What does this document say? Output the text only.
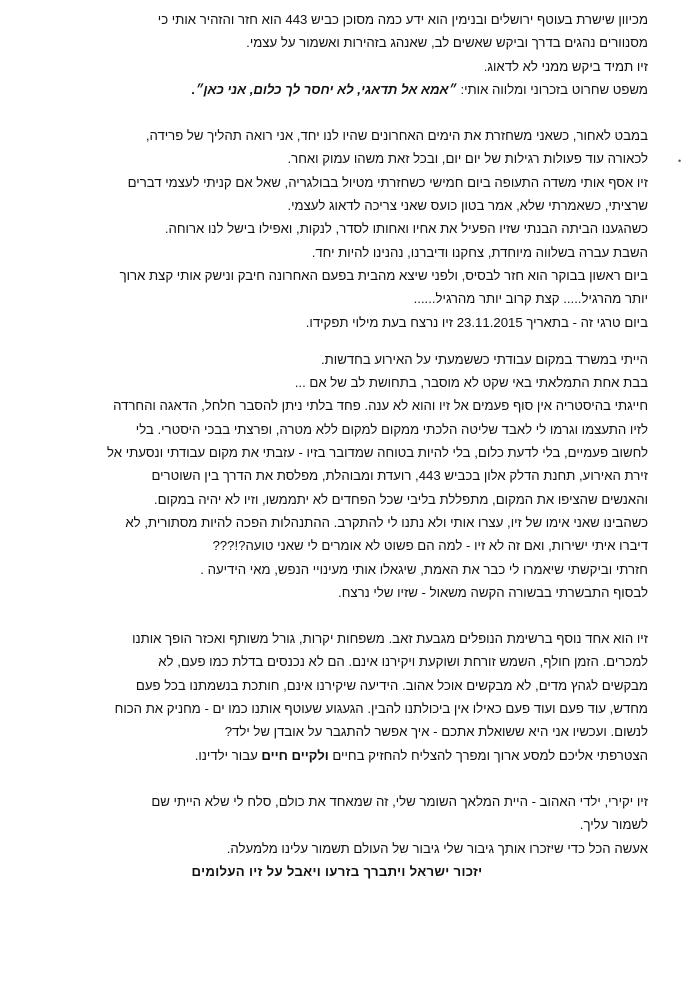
•
מכיוון שישרת בעוטף ירושלים ובנימין הוא ידע כמה מסוכן כביש 443 הוא חזר והזהיר אותי כי
מסנוורים נהגים בדרך וביקש שאשים לב, שאנהג בזהירות ואשמור על עצמי.
זיו תמיד ביקש ממני לא לדאוג.
משפט שחרוט בזכרוני ומלווה אותי: ״אמא אל תדאגי, לא יחסר לך כלום, אני כאן״.
במבט לאחור, כשאני משחזרת את הימים האחרונים שהיו לנו יחד, אני רואה תהליך של פרידה,
לכאורה עוד פעולות רגילות של יום יום, ובכל זאת משהו עמוק ואחר.
זיו אסף אותי משדה התעופה ביום חמישי כשחזרתי מטיול בבולגריה, שאל אם קניתי לעצמי דברים
שרציתי, כשאמרתי שלא, אמר בטון כועס שאני צריכה לדאוג לעצמי.
כשהגענו הביתה הבנתי שזיו הפעיל את אחיו ואחותו לסדר, לנקות, ואפילו בישל לנו ארוחה.
השבת עברה בשלווה מיוחדת, צחקנו ודיברנו, נהנינו להיות יחד.
ביום ראשון בבוקר הוא חזר לבסיס, ולפני שיצא מהבית בפעם האחרונה חיבק ונישק אותי קצת ארוך
יותר מהרגיל..... קצת קרוב יותר מהרגיל......
ביום טרגי זה - בתאריך 23.11.2015 זיו נרצח בעת מילוי תפקידו.
הייתי במשרד במקום עבודתי כששמעתי על האירוע בחדשות.
בבת אחת התמלאתי באי שקט לא מוסבר, בתחושת לב של אם ...
חייגתי בהיסטריה אין סוף פעמים אל זיו והוא לא ענה. פחד בלתי ניתן להסבר חלחל, הדאגה והחרדה
לזיו התעצמו וגרמו לי לאבד שליטה הלכתי ממקום למקום ללא מטרה, ופרצתי בבכי היסטרי. בלי
לחשוב פעמיים, בלי לדעת כלום, בלי להיות בטוחה שמדובר בזיו - עזבתי את מקום עבודתי ונסעתי אל
זירת האירוע, תחנת הדלק אלון בכביש 443, רועדת ומבוהלת, מפלסת את הדרך בין השוטרים
והאנשים שהציפו את המקום, מתפללת בליבי שכל הפחדים לא יתממשו, וזיו לא יהיה במקום.
כשהבינו שאני אימו של זיו, עצרו אותי ולא נתנו לי להתקרב. ההתנהלות הפכה להיות מסתורית, לא
דיברו איתי ישירות, ואם זה לא זיו - למה הם פשוט לא אומרים לי שאני טועה?!???
חזרתי וביקשתי שיאמרו לי כבר את האמת, שיגאלו אותי מעינויי הנפש, מאי הידיעה .
לבסוף התבשרתי בבשורה הקשה משאול - שזיו שלי נרצח.
זיו הוא אחד נוסף ברשימת הנופלים מגבעת זאב. משפחות יקרות, גורל משותף ואכזר הופך אותנו
למכרים. הזמן חולף, השמש זורחת ושוקעת ויקירנו אינם. הם לא נכנסים בדלת כמו פעם, לא
מבקשים לגהץ מדים, לא מבקשים אוכל אהוב. הידיעה שיקירנו אינם, חותכת בנשמתנו בכל פעם
מחדש, עוד פעם ועוד פעם כאילו אין ביכולתנו להבין. הגעגוע שעוטף אותנו כמו ים - מחניק את הכוח
לנשום. ועכשיו אני היא ששואלת אתכם - איך אפשר להתגבר על אובדן של ילד?
הצטרפתי אליכם למסע ארוך ומפרך להצליח להחזיק בחיים ולקיים חיים עבור ילדינו.
זיו יקירי, ילדי האהוב - היית המלאך השומר שלי, זה שמאחד את כולם, סלח לי שלא הייתי שם
לשמור עליך.
אעשה הכל כדי שיזכרו אותך גיבור שלי גיבור של העולם תשמור עלינו מלמעלה.
יזכור ישראל ויתברך בזרעו ויאבל על זיו העלומים
